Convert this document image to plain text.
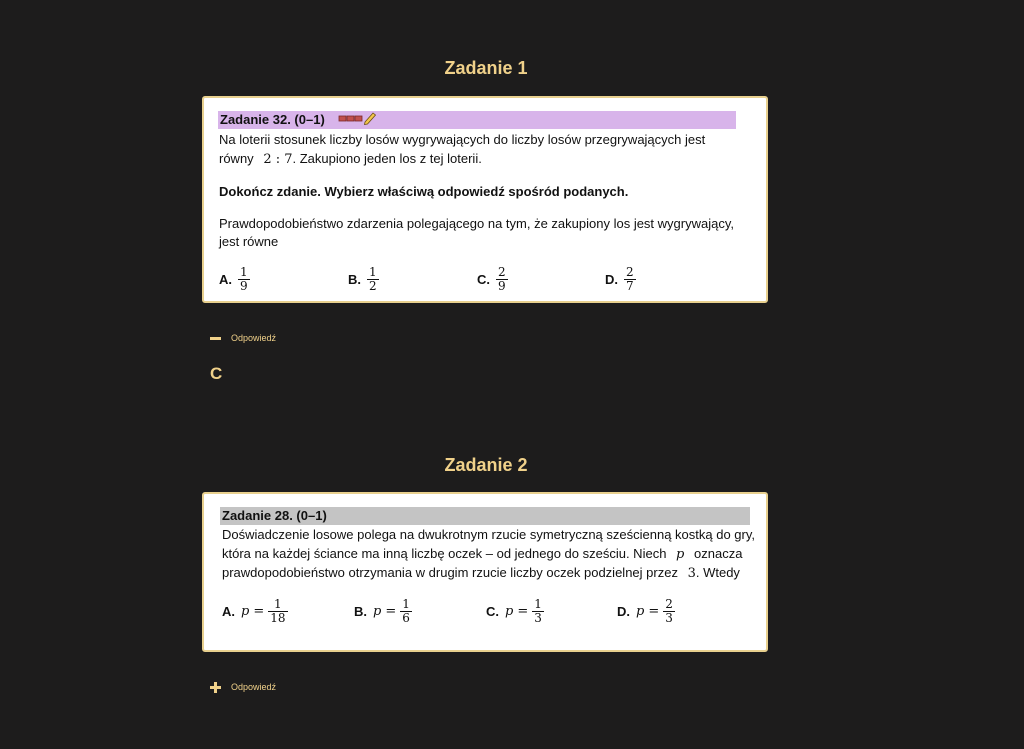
Zadanie 1
Zadanie 32. (0–1)
Na loterii stosunek liczby losów wygrywających do liczby losów przegrywających jest
równy 2 : 7. Zakupiono jeden los z tej loterii.
Dokończ zdanie. Wybierz właściwą odpowiedź spośród podanych.
Prawdopodobieństwo zdarzenia polegającego na tym, że zakupiony los jest wygrywający,
jest równe
A. $\frac{1}{9}$	B. $\frac{1}{2}$	C. $\frac{2}{9}$	D. $\frac{2}{7}$
Odpowiedź
C
Zadanie 2
Zadanie 28. (0–1)
Doświadczenie losowe polega na dwukrotnym rzucie symetryczną sześcienną kostką do gry,
która na każdej ściance ma inną liczbę oczek – od jednego do sześciu. Niech p oznacza
prawdopodobieństwo otrzymania w drugim rzucie liczby oczek podzielnej przez 3. Wtedy
A. $p = \frac{1}{18}$	B. $p = \frac{1}{6}$	C. $p = \frac{1}{3}$	D. $p = \frac{2}{3}$
Odpowiedź
